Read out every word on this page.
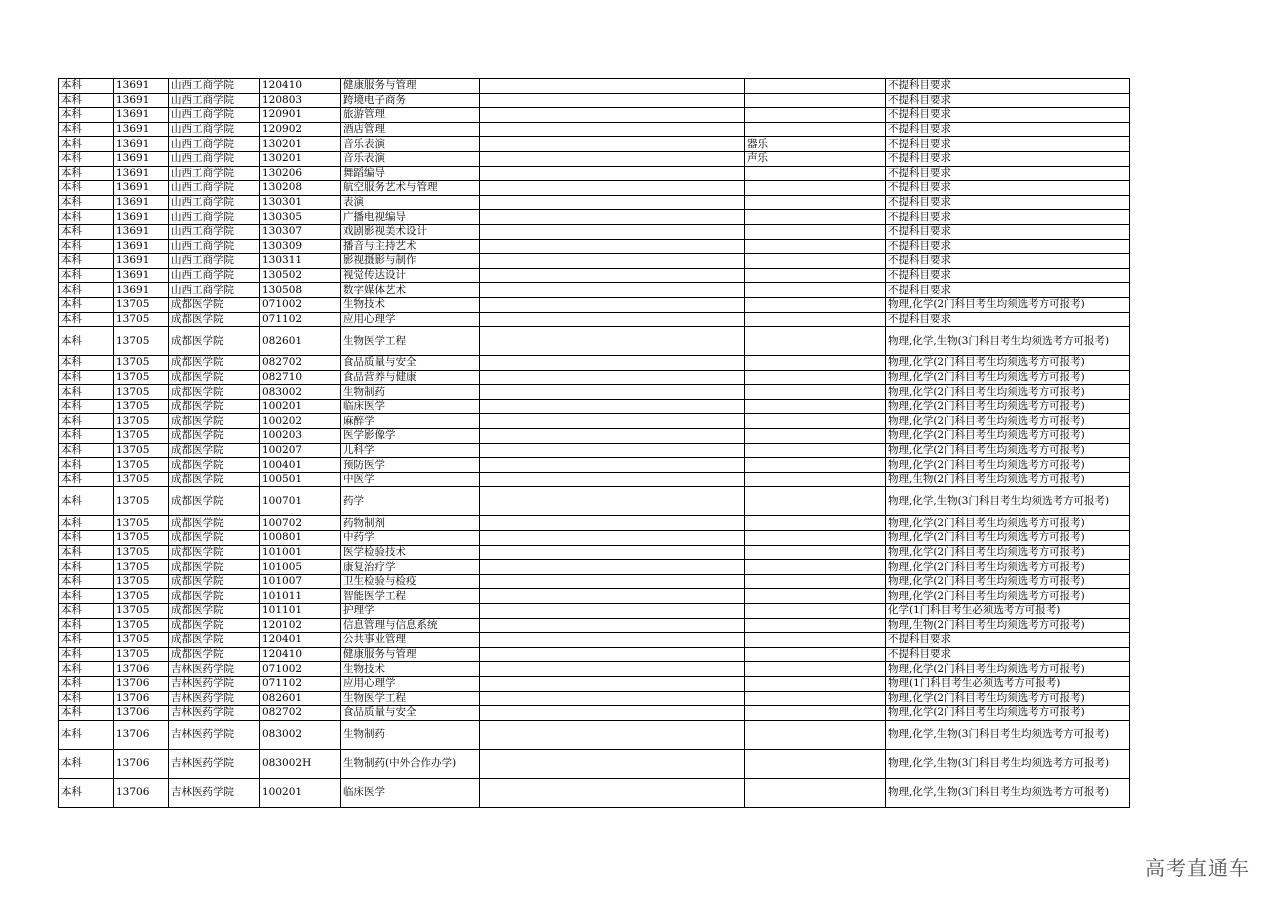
本科	13691	山西工商学院	120410	健康服务与管理			不提科目要求
本科	13691	山西工商学院	120803	跨境电子商务			不提科目要求
本科	13691	山西工商学院	120901	旅游管理			不提科目要求
本科	13691	山西工商学院	120902	酒店管理			不提科目要求
本科	13691	山西工商学院	130201	音乐表演		器乐	不提科目要求
本科	13691	山西工商学院	130201	音乐表演		声乐	不提科目要求
本科	13691	山西工商学院	130206	舞蹈编导			不提科目要求
本科	13691	山西工商学院	130208	航空服务艺术与管理			不提科目要求
本科	13691	山西工商学院	130301	表演			不提科目要求
本科	13691	山西工商学院	130305	广播电视编导			不提科目要求
本科	13691	山西工商学院	130307	戏剧影视美术设计			不提科目要求
本科	13691	山西工商学院	130309	播音与主持艺术			不提科目要求
本科	13691	山西工商学院	130311	影视摄影与制作			不提科目要求
本科	13691	山西工商学院	130502	视觉传达设计			不提科目要求
本科	13691	山西工商学院	130508	数字媒体艺术			不提科目要求
本科	13705	成都医学院	071002	生物技术			物理,化学(2门科目考生均须选考方可报考)
本科	13705	成都医学院	071102	应用心理学			不提科目要求
本科	13705	成都医学院	082601	生物医学工程			物理,化学,生物(3门科目考生均须选考方可报考)
本科	13705	成都医学院	082702	食品质量与安全			物理,化学(2门科目考生均须选考方可报考)
本科	13705	成都医学院	082710	食品营养与健康			物理,化学(2门科目考生均须选考方可报考)
本科	13705	成都医学院	083002	生物制药			物理,化学(2门科目考生均须选考方可报考)
本科	13705	成都医学院	100201	临床医学			物理,化学(2门科目考生均须选考方可报考)
本科	13705	成都医学院	100202	麻醉学			物理,化学(2门科目考生均须选考方可报考)
本科	13705	成都医学院	100203	医学影像学			物理,化学(2门科目考生均须选考方可报考)
本科	13705	成都医学院	100207	儿科学			物理,化学(2门科目考生均须选考方可报考)
本科	13705	成都医学院	100401	预防医学			物理,化学(2门科目考生均须选考方可报考)
本科	13705	成都医学院	100501	中医学			物理,生物(2门科目考生均须选考方可报考)
本科	13705	成都医学院	100701	药学			物理,化学,生物(3门科目考生均须选考方可报考)
本科	13705	成都医学院	100702	药物制剂			物理,化学(2门科目考生均须选考方可报考)
本科	13705	成都医学院	100801	中药学			物理,化学(2门科目考生均须选考方可报考)
本科	13705	成都医学院	101001	医学检验技术			物理,化学(2门科目考生均须选考方可报考)
本科	13705	成都医学院	101005	康复治疗学			物理,化学(2门科目考生均须选考方可报考)
本科	13705	成都医学院	101007	卫生检验与检疫			物理,化学(2门科目考生均须选考方可报考)
本科	13705	成都医学院	101011	智能医学工程			物理,化学(2门科目考生均须选考方可报考)
本科	13705	成都医学院	101101	护理学			化学(1门科目考生必须选考方可报考)
本科	13705	成都医学院	120102	信息管理与信息系统			物理,生物(2门科目考生均须选考方可报考)
本科	13705	成都医学院	120401	公共事业管理			不提科目要求
本科	13705	成都医学院	120410	健康服务与管理			不提科目要求
本科	13706	吉林医药学院	071002	生物技术			物理,化学(2门科目考生均须选考方可报考)
本科	13706	吉林医药学院	071102	应用心理学			物理(1门科目考生必须选考方可报考)
本科	13706	吉林医药学院	082601	生物医学工程			物理,化学(2门科目考生均须选考方可报考)
本科	13706	吉林医药学院	082702	食品质量与安全			物理,化学(2门科目考生均须选考方可报考)
本科	13706	吉林医药学院	083002	生物制药			物理,化学,生物(3门科目考生均须选考方可报考)
本科	13706	吉林医药学院	083002H	生物制药(中外合作办学)			物理,化学,生物(3门科目考生均须选考方可报考)
本科	13706	吉林医药学院	100201	临床医学			物理,化学,生物(3门科目考生均须选考方可报考)
高考直通车
